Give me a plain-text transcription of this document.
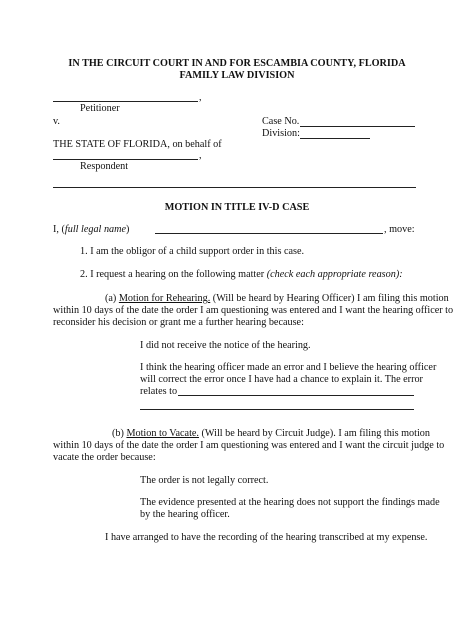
IN THE CIRCUIT COURT IN AND FOR ESCAMBIA COUNTY, FLORIDA
FAMILY LAW DIVISION
,
Petitioner
v.	Case No.
Division:
THE STATE OF FLORIDA, on behalf of
,
Respondent
MOTION IN TITLE IV-D CASE
I, (full legal name)	, move:
1. I am the obligor of a child support order in this case.
2. I request a hearing on the following matter (check each appropriate reason):
(a) Motion for Rehearing. (Will be heard by Hearing Officer) I am filing this motion
within 10 days of the date the order I am questioning was entered and I want the hearing officer to
reconsider his decision or grant me a further hearing because:
I did not receive the notice of the hearing.
I think the hearing officer made an error and I believe the hearing officer
will correct the error once I have had a chance to explain it. The error
relates to
(b) Motion to Vacate. (Will be heard by Circuit Judge). I am filing this motion
within 10 days of the date the order I am questioning was entered and I want the circuit judge to
vacate the order because:
The order is not legally correct.
The evidence presented at the hearing does not support the findings made
by the hearing officer.
I have arranged to have the recording of the hearing transcribed at my expense.
